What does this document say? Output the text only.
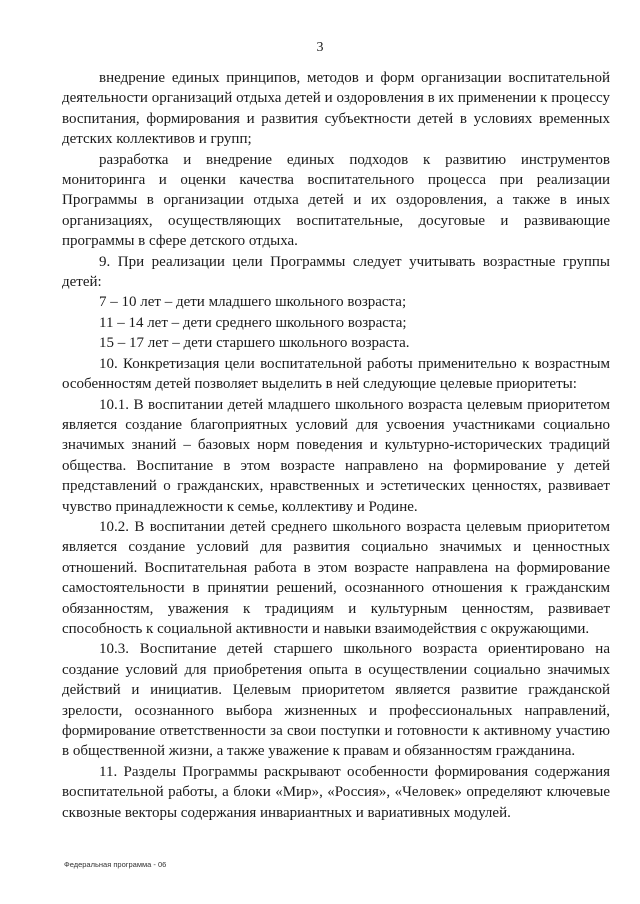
3

внедрение единых принципов, методов и форм организации воспитательной деятельности организаций отдыха детей и оздоровления в их применении к процессу воспитания, формирования и развития субъектности детей в условиях временных детских коллективов и групп;

разработка и внедрение единых подходов к развитию инструментов мониторинга и оценки качества воспитательного процесса при реализации Программы в организации отдыха детей и их оздоровления, а также в иных организациях, осуществляющих воспитательные, досуговые и развивающие программы в сфере детского отдыха.

9. При реализации цели Программы следует учитывать возрастные группы детей:

7 – 10 лет – дети младшего школьного возраста;

11 – 14 лет – дети среднего школьного возраста;

15 – 17 лет – дети старшего школьного возраста.

10. Конкретизация цели воспитательной работы применительно к возрастным особенностям детей позволяет выделить в ней следующие целевые приоритеты:

10.1. В воспитании детей младшего школьного возраста целевым приоритетом является создание благоприятных условий для усвоения участниками социально значимых знаний – базовых норм поведения и культурно-исторических традиций общества. Воспитание в этом возрасте направлено на формирование у детей представлений о гражданских, нравственных и эстетических ценностях, развивает чувство принадлежности к семье, коллективу и Родине.

10.2. В воспитании детей среднего школьного возраста целевым приоритетом является создание условий для развития социально значимых и ценностных отношений. Воспитательная работа в этом возрасте направлена на формирование самостоятельности в принятии решений, осознанного отношения к гражданским обязанностям, уважения к традициям и культурным ценностям, развивает способность к социальной активности и навыки взаимодействия с окружающими.

10.3. Воспитание детей старшего школьного возраста ориентировано на создание условий для приобретения опыта в осуществлении социально значимых действий и инициатив. Целевым приоритетом является развитие гражданской зрелости, осознанного выбора жизненных и профессиональных направлений, формирование ответственности за свои поступки и готовности к активному участию в общественной жизни, а также уважение к правам и обязанностям гражданина.

11. Разделы Программы раскрывают особенности формирования содержания воспитательной работы, а блоки «Мир», «Россия», «Человек» определяют ключевые сквозные векторы содержания инвариантных и вариативных модулей.

Федеральная программа - 06
